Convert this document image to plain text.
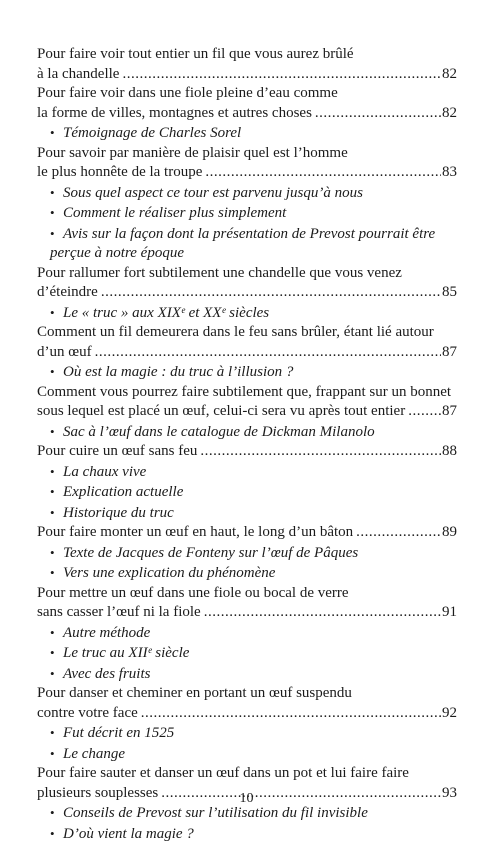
Pour faire voir tout entier un fil que vous aurez brûlé
à la chandelle .....	82
Pour faire voir dans une fiole pleine d’eau comme
la forme de villes, montagnes et autres choses .....	82
• Témoignage de Charles Sorel
Pour savoir par manière de plaisir quel est l’homme
le plus honnête de la troupe .....	83
• Sous quel aspect ce tour est parvenu jusqu’à nous
• Comment le réaliser plus simplement
• Avis sur la façon dont la présentation de Prevost pourrait être
perçue à notre époque
Pour rallumer fort subtilement une chandelle que vous venez
d’éteindre .....	85
• Le « truc » aux XIXᵉ et XXᵉ siècles
Comment un fil demeurera dans le feu sans brûler, étant lié autour
d’un œuf .....	87
• Où est la magie : du truc à l’illusion ?
Comment vous pourrez faire subtilement que, frappant sur un bonnet
sous lequel est placé un œuf, celui-ci sera vu après tout entier ..... 87
• Sac à l’œuf dans le catalogue de Dickman Milanolo
Pour cuire un œuf sans feu .....	88
• La chaux vive
• Explication actuelle
• Historique du truc
Pour faire monter un œuf en haut, le long d’un bâton .....	89
• Texte de Jacques de Fonteny sur l’œuf de Pâques
• Vers une explication du phénomène
Pour mettre un œuf dans une fiole ou bocal de verre
sans casser l’œuf ni la fiole .....	91
• Autre méthode
• Le truc au XIIᵉ siècle
• Avec des fruits
Pour danser et cheminer en portant un œuf suspendu
contre votre face .....	92
• Fut décrit en 1525
• Le change
Pour faire sauter et danser un œuf dans un pot et lui faire faire
plusieurs souplesses .....	93
• Conseils de Prevost sur l’utilisation du fil invisible
• D’où vient la magie ?
10
